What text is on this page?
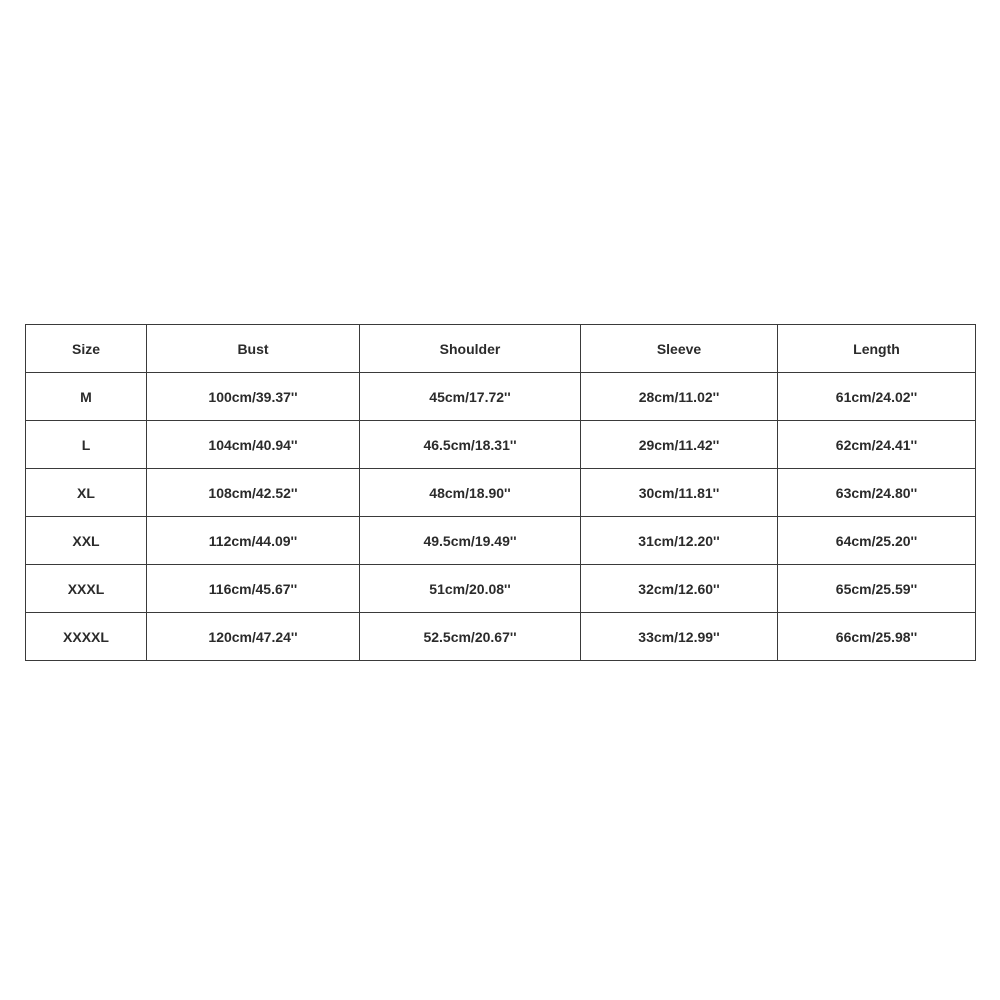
Size	Bust	Shoulder	Sleeve	Length
M	100cm/39.37''	45cm/17.72''	28cm/11.02''	61cm/24.02''
L	104cm/40.94''	46.5cm/18.31''	29cm/11.42''	62cm/24.41''
XL	108cm/42.52''	48cm/18.90''	30cm/11.81''	63cm/24.80''
XXL	112cm/44.09''	49.5cm/19.49''	31cm/12.20''	64cm/25.20''
XXXL	116cm/45.67''	51cm/20.08''	32cm/12.60''	65cm/25.59''
XXXXL	120cm/47.24''	52.5cm/20.67''	33cm/12.99''	66cm/25.98''
